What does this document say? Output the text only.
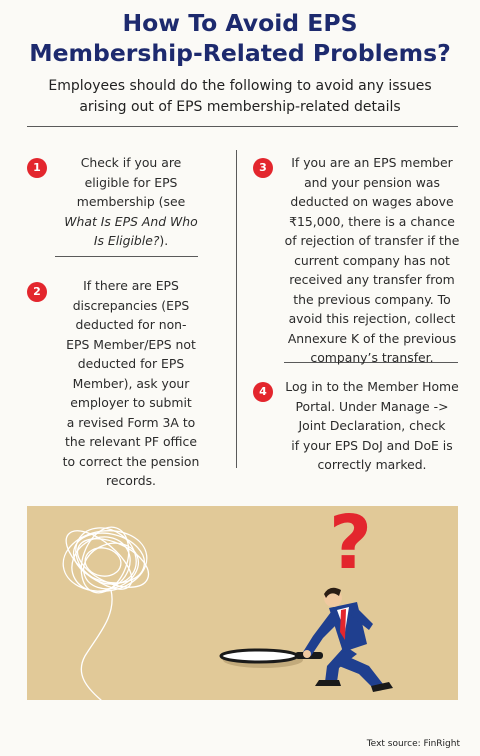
How To Avoid EPS
Membership-Related Problems?
Employees should do the following to avoid any issues
arising out of EPS membership-related details
1	Check if you are
eligible for EPS
membership (see
What Is EPS And Who
Is Eligible?).
2	If there are EPS
discrepancies (EPS
deducted for non-
EPS Member/EPS not
deducted for EPS
Member), ask your
employer to submit
a revised Form 3A to
the relevant PF office
to correct the pension
records.
3	If you are an EPS member
and your pension was
deducted on wages above
₹15,000, there is a chance
of rejection of transfer if the
current company has not
received any transfer from
the previous company. To
avoid this rejection, collect
Annexure K of the previous
company’s transfer.
4	Log in to the Member Home
Portal. Under Manage ->
Joint Declaration, check
if your EPS DoJ and DoE is
correctly marked.
?
Text source: FinRight
